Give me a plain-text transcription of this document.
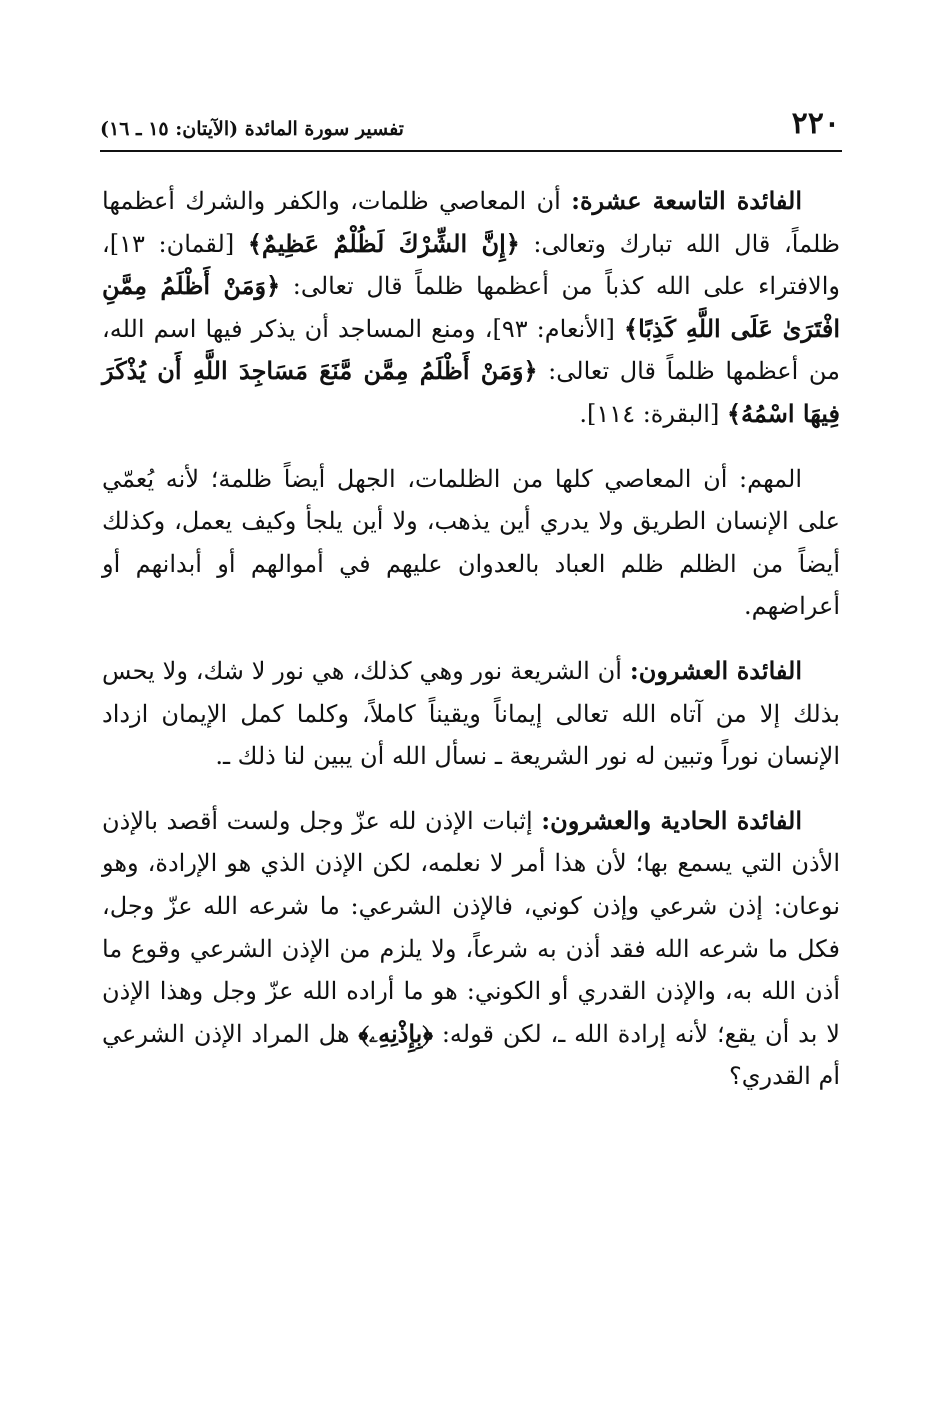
٢٢٠
تفسير سورة المائدة (الآيتان: ١٥ ـ ١٦)

الفائدة التاسعة عشرة: أن المعاصي ظلمات، والكفر والشرك أعظمها ظلماً، قال الله تبارك وتعالى: ﴿إِنَّ الشِّرْكَ لَظُلْمٌ عَظِيمٌ﴾ [لقمان: ١٣]، والافتراء على الله كذباً من أعظمها ظلماً قال تعالى: ﴿وَمَنْ أَظْلَمُ مِمَّنِ افْتَرَىٰ عَلَى اللَّهِ كَذِبًا﴾ [الأنعام: ٩٣]، ومنع المساجد أن يذكر فيها اسم الله، من أعظمها ظلماً قال تعالى: ﴿وَمَنْ أَظْلَمُ مِمَّن مَّنَعَ مَسَاجِدَ اللَّهِ أَن يُذْكَرَ فِيهَا اسْمُهُ﴾ [البقرة: ١١٤].

المهم: أن المعاصي كلها من الظلمات، الجهل أيضاً ظلمة؛ لأنه يُعمّي على الإنسان الطريق ولا يدري أين يذهب، ولا أين يلجأ وكيف يعمل، وكذلك أيضاً من الظلم ظلم العباد بالعدوان عليهم في أموالهم أو أبدانهم أو أعراضهم.

الفائدة العشرون: أن الشريعة نور وهي كذلك، هي نور لا شك، ولا يحس بذلك إلا من آتاه الله تعالى إيماناً ويقيناً كاملاً، وكلما كمل الإيمان ازداد الإنسان نوراً وتبين له نور الشريعة ـ نسأل الله أن يبين لنا ذلك ـ.

الفائدة الحادية والعشرون: إثبات الإذن لله عزّ وجل ولست أقصد بالإذن الأذن التي يسمع بها؛ لأن هذا أمر لا نعلمه، لكن الإذن الذي هو الإرادة، وهو نوعان: إذن شرعي وإذن كوني، فالإذن الشرعي: ما شرعه الله عزّ وجل، فكل ما شرعه الله فقد أذن به شرعاً، ولا يلزم من الإذن الشرعي وقوع ما أذن الله به، والإذن القدري أو الكوني: هو ما أراده الله عزّ وجل وهذا الإذن لا بد أن يقع؛ لأنه إرادة الله ـ، لكن قوله: ﴿بِإِذْنِهِۦ﴾ هل المراد الإذن الشرعي أم القدري؟
